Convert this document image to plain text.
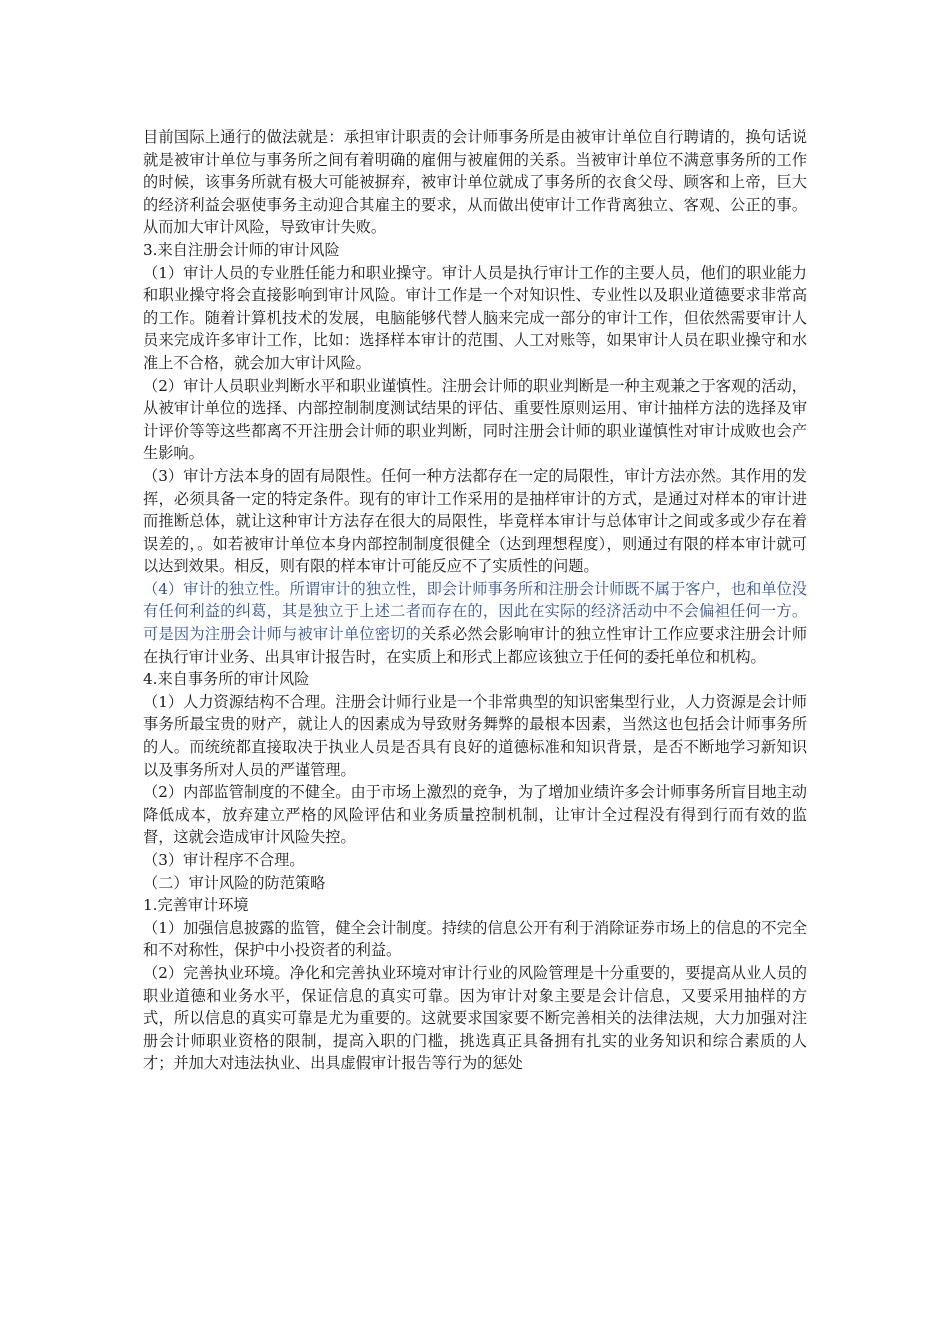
目前国际上通行的做法就是：承担审计职责的会计师事务所是由被审计单位自行聘请的，换句话说就是被审计单位与事务所之间有着明确的雇佣与被雇佣的关系。当被审计单位不满意事务所的工作的时候，该事务所就有极大可能被摒弃，被审计单位就成了事务所的衣食父母、顾客和上帝，巨大的经济利益会驱使事务主动迎合其雇主的要求，从而做出使审计工作背离独立、客观、公正的事。从而加大审计风险，导致审计失败。

3.来自注册会计师的审计风险

（1）审计人员的专业胜任能力和职业操守。审计人员是执行审计工作的主要人员，他们的职业能力和职业操守将会直接影响到审计风险。审计工作是一个对知识性、专业性以及职业道德要求非常高的工作。随着计算机技术的发展，电脑能够代替人脑来完成一部分的审计工作，但依然需要审计人员来完成许多审计工作，比如：选择样本审计的范围、人工对账等，如果审计人员在职业操守和水准上不合格，就会加大审计风险。

（2）审计人员职业判断水平和职业谨慎性。注册会计师的职业判断是一种主观兼之于客观的活动，从被审计单位的选择、内部控制制度测试结果的评估、重要性原则运用、审计抽样方法的选择及审计评价等等这些都离不开注册会计师的职业判断，同时注册会计师的职业谨慎性对审计成败也会产生影响。

（3）审计方法本身的固有局限性。任何一种方法都存在一定的局限性，审计方法亦然。其作用的发挥，必须具备一定的特定条件。现有的审计工作采用的是抽样审计的方式，是通过对样本的审计进而推断总体，就让这种审计方法存在很大的局限性，毕竟样本审计与总体审计之间或多或少存在着误差的，。如若被审计单位本身内部控制制度很健全（达到理想程度），则通过有限的样本审计就可以达到效果。相反，则有限的样本审计可能反应不了实质性的问题。

（4）审计的独立性。所谓审计的独立性，即会计师事务所和注册会计师既不属于客户，也和单位没有任何利益的纠葛，其是独立于上述二者而存在的，因此在实际的经济活动中不会偏袒任何一方。可是因为注册会计师与被审计单位密切的关系必然会影响审计的独立性审计工作应要求注册会计师在执行审计业务、出具审计报告时，在实质上和形式上都应该独立于任何的委托单位和机构。

4.来自事务所的审计风险

（1）人力资源结构不合理。注册会计师行业是一个非常典型的知识密集型行业，人力资源是会计师事务所最宝贵的财产，就让人的因素成为导致财务舞弊的最根本因素，当然这也包括会计师事务所的人。而统统都直接取决于执业人员是否具有良好的道德标准和知识背景，是否不断地学习新知识以及事务所对人员的严谨管理。

（2）内部监管制度的不健全。由于市场上激烈的竞争，为了增加业绩许多会计师事务所盲目地主动降低成本，放弃建立严格的风险评估和业务质量控制机制，让审计全过程没有得到行而有效的监督，这就会造成审计风险失控。

（3）审计程序不合理。

（二）审计风险的防范策略

1.完善审计环境

（1）加强信息披露的监管，健全会计制度。持续的信息公开有利于消除证券市场上的信息的不完全和不对称性，保护中小投资者的利益。

（2）完善执业环境。净化和完善执业环境对审计行业的风险管理是十分重要的，要提高从业人员的职业道德和业务水平，保证信息的真实可靠。因为审计对象主要是会计信息，又要采用抽样的方式，所以信息的真实可靠是尤为重要的。这就要求国家要不断完善相关的法律法规，大力加强对注册会计师职业资格的限制，提高入职的门槛，挑选真正具备拥有扎实的业务知识和综合素质的人才；并加大对违法执业、出具虚假审计报告等行为的惩处
